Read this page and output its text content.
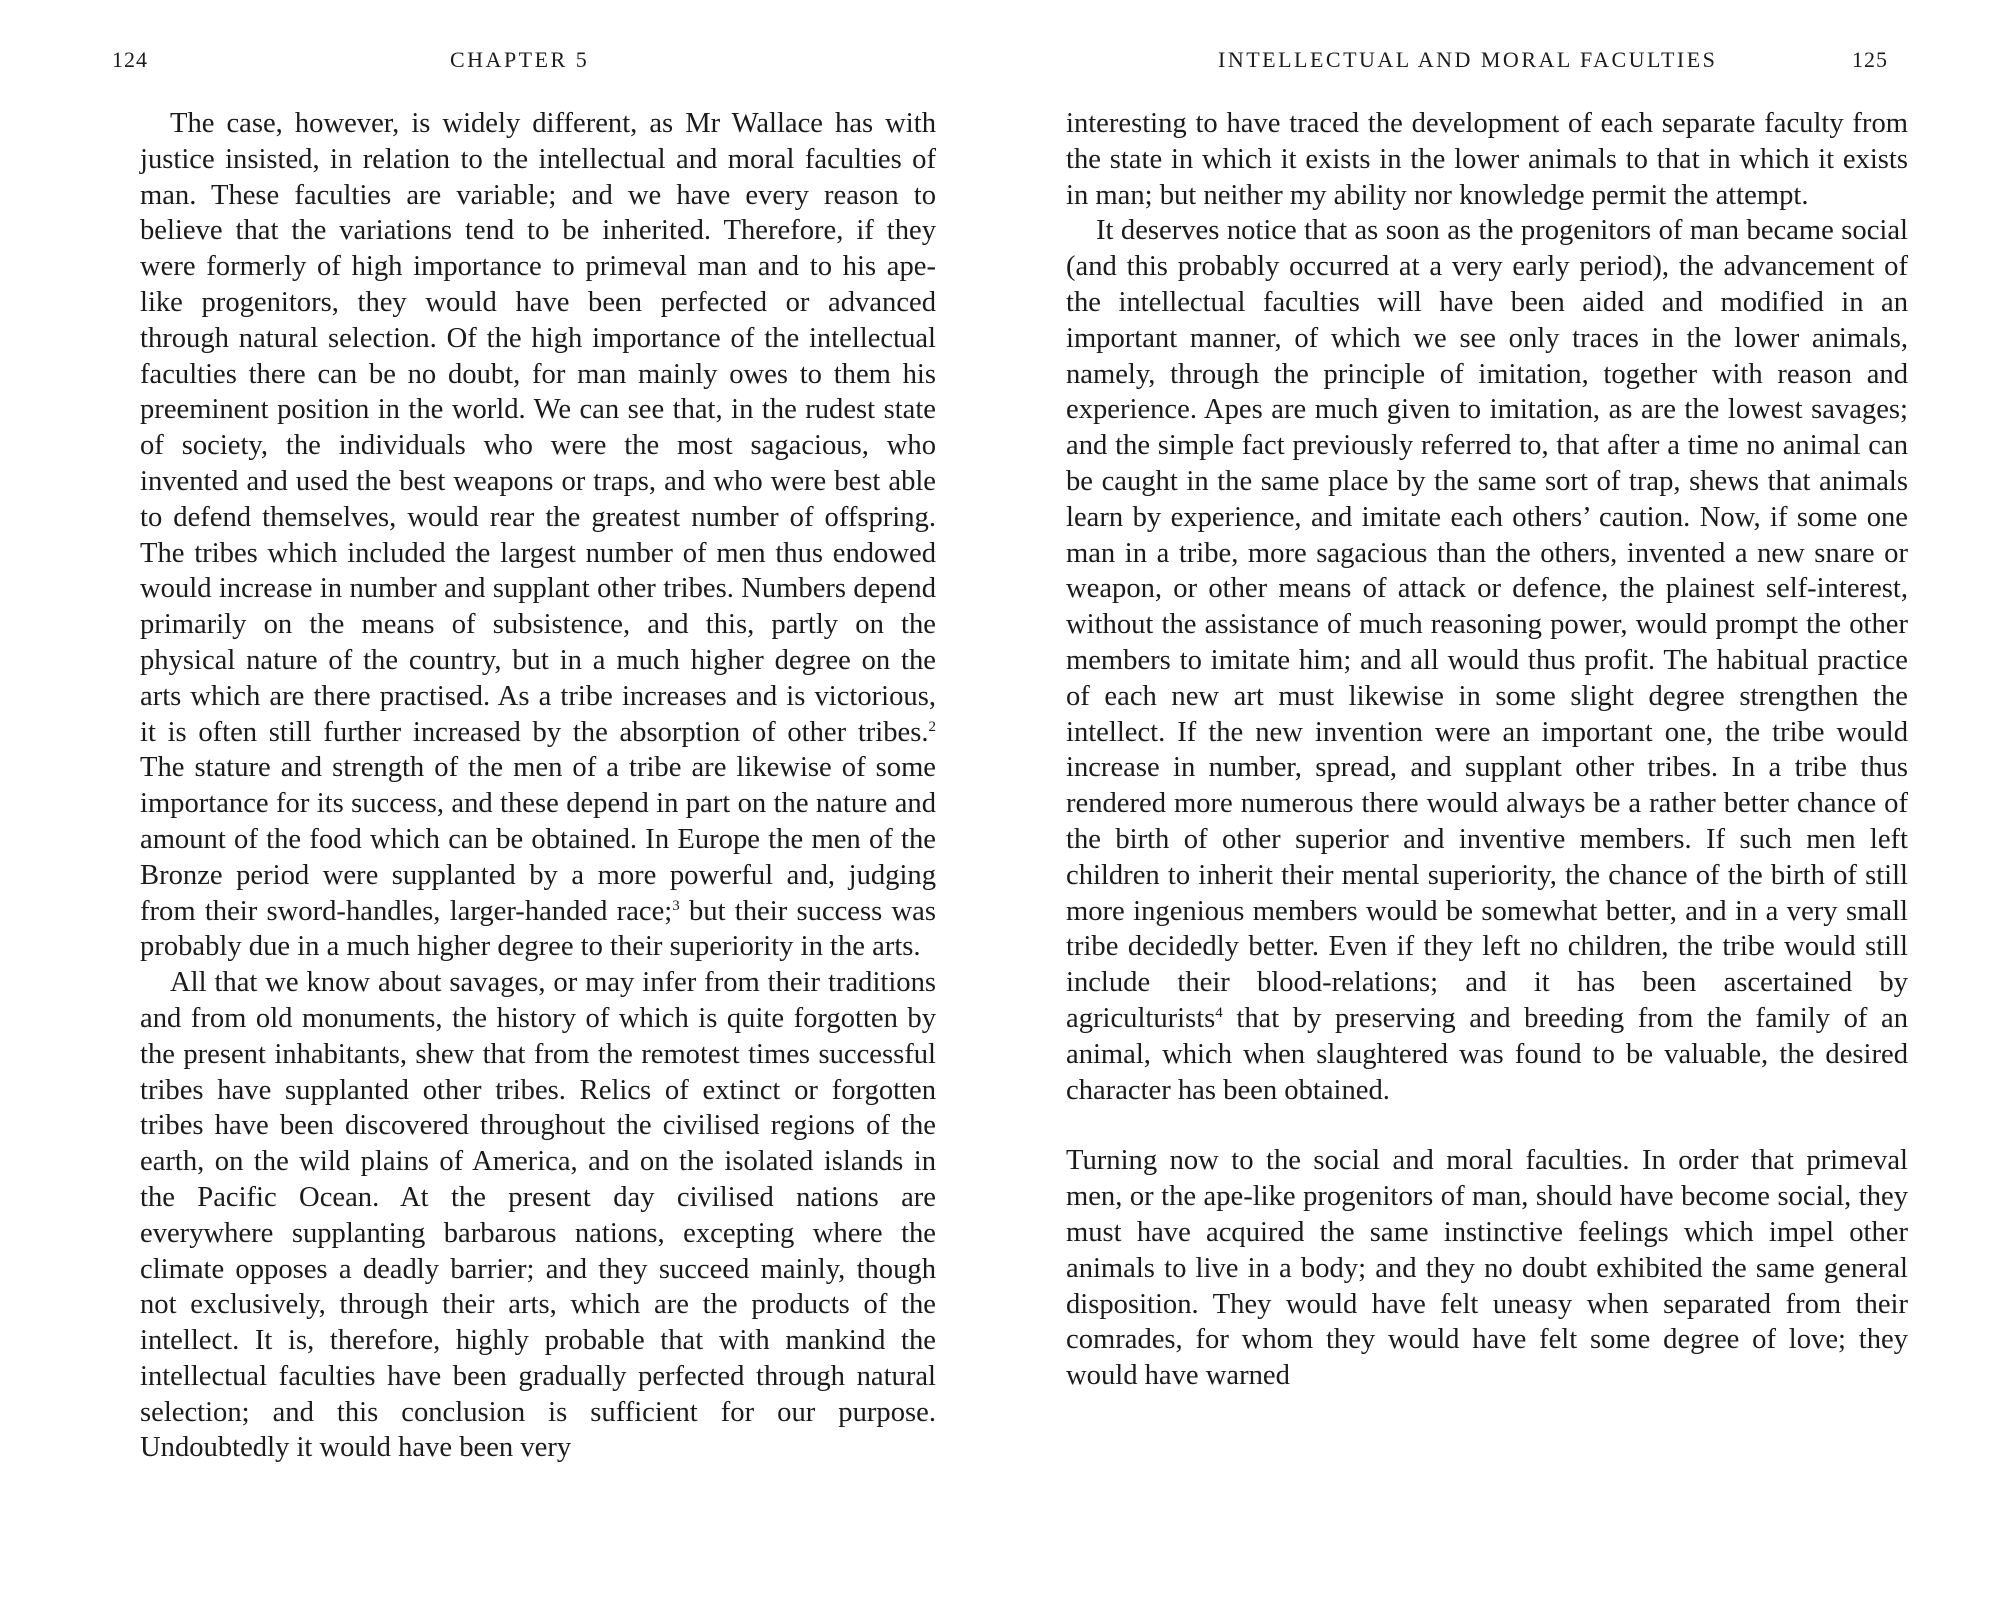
124	CHAPTER 5

The case, however, is widely different, as Mr Wallace has with justice insisted, in relation to the intellectual and moral faculties of man. These faculties are variable; and we have every reason to believe that the variations tend to be inherited. Therefore, if they were formerly of high importance to primeval man and to his ape-like progenitors, they would have been perfected or advanced through natural selection. Of the high importance of the intellectual faculties there can be no doubt, for man mainly owes to them his preeminent position in the world. We can see that, in the rudest state of society, the individuals who were the most sagacious, who invented and used the best weapons or traps, and who were best able to defend themselves, would rear the greatest number of offspring. The tribes which included the largest number of men thus endowed would increase in number and supplant other tribes. Numbers depend primarily on the means of subsistence, and this, partly on the physical nature of the country, but in a much higher degree on the arts which are there practised. As a tribe increases and is victorious, it is often still further increased by the absorption of other tribes.$^2$ The stature and strength of the men of a tribe are likewise of some importance for its success, and these depend in part on the nature and amount of the food which can be obtained. In Europe the men of the Bronze period were supplanted by a more powerful and, judging from their sword-handles, larger-handed race;$^3$ but their success was probably due in a much higher degree to their superiority in the arts.

All that we know about savages, or may infer from their traditions and from old monuments, the history of which is quite forgotten by the present inhabitants, shew that from the remotest times successful tribes have supplanted other tribes. Relics of extinct or forgotten tribes have been discovered throughout the civilised regions of the earth, on the wild plains of America, and on the isolated islands in the Pacific Ocean. At the present day civilised nations are everywhere supplanting barbarous nations, excepting where the climate opposes a deadly barrier; and they succeed mainly, though not exclusively, through their arts, which are the products of the intellect. It is, therefore, highly probable that with mankind the intellectual faculties have been gradually perfected through natural selection; and this conclusion is sufficient for our purpose. Undoubtedly it would have been very

INTELLECTUAL AND MORAL FACULTIES	125

interesting to have traced the development of each separate faculty from the state in which it exists in the lower animals to that in which it exists in man; but neither my ability nor knowledge permit the attempt.

It deserves notice that as soon as the progenitors of man became social (and this probably occurred at a very early period), the advancement of the intellectual faculties will have been aided and modified in an important manner, of which we see only traces in the lower animals, namely, through the principle of imitation, together with reason and experience. Apes are much given to imitation, as are the lowest savages; and the simple fact previously referred to, that after a time no animal can be caught in the same place by the same sort of trap, shews that animals learn by experience, and imitate each others’ caution. Now, if some one man in a tribe, more sagacious than the others, invented a new snare or weapon, or other means of attack or defence, the plainest self-interest, without the assistance of much reasoning power, would prompt the other members to imitate him; and all would thus profit. The habitual practice of each new art must likewise in some slight degree strengthen the intellect. If the new invention were an important one, the tribe would increase in number, spread, and supplant other tribes. In a tribe thus rendered more numerous there would always be a rather better chance of the birth of other superior and inventive members. If such men left children to inherit their mental superiority, the chance of the birth of still more ingenious members would be somewhat better, and in a very small tribe decidedly better. Even if they left no children, the tribe would still include their blood-relations; and it has been ascertained by agriculturists$^4$ that by preserving and breeding from the family of an animal, which when slaughtered was found to be valuable, the desired character has been obtained.

Turning now to the social and moral faculties. In order that primeval men, or the ape-like progenitors of man, should have become social, they must have acquired the same instinctive feelings which impel other animals to live in a body; and they no doubt exhibited the same general disposition. They would have felt uneasy when separated from their comrades, for whom they would have felt some degree of love; they would have warned
